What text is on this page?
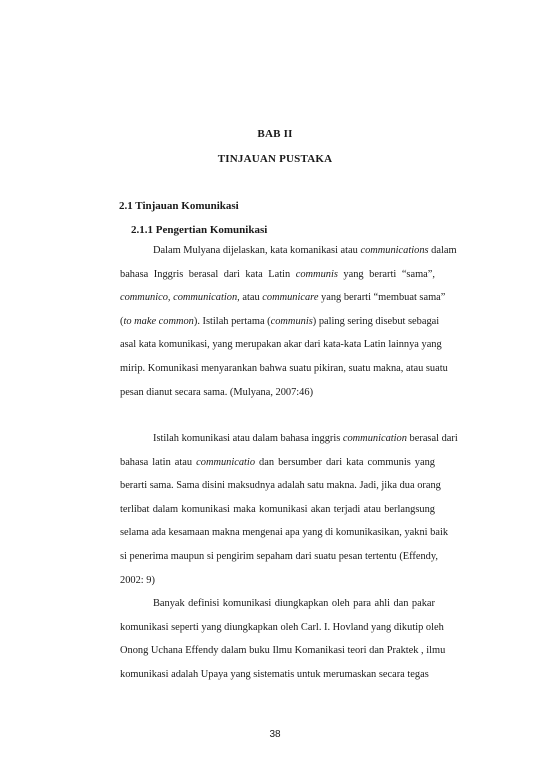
BAB II
TINJAUAN PUSTAKA
2.1 Tinjauan Komunikasi
2.1.1 Pengertian Komunikasi
Dalam Mulyana dijelaskan, kata komanikasi atau communications dalam
bahasa Inggris berasal dari kata Latin communis yang berarti “sama”,
communico, communication, atau communicare yang berarti “membuat sama”
(to make common). Istilah pertama (communis) paling sering disebut sebagai
asal kata komunikasi, yang merupakan akar dari kata-kata Latin lainnya yang
mirip. Komunikasi menyarankan bahwa suatu pikiran, suatu makna, atau suatu
pesan dianut secara sama. (Mulyana, 2007:46)
Istilah komunikasi atau dalam bahasa inggris communication berasal dari
bahasa latin atau communicatio dan bersumber dari kata communis yang
berarti sama. Sama disini maksudnya adalah satu makna. Jadi, jika dua orang
terlibat dalam komunikasi maka komunikasi akan terjadi atau berlangsung
selama ada kesamaan makna mengenai apa yang di komunikasikan, yakni baik
si penerima maupun si pengirim sepaham dari suatu pesan tertentu (Effendy,
2002: 9)
Banyak definisi komunikasi diungkapkan oleh para ahli dan pakar
komunikasi seperti yang diungkapkan oleh Carl. I. Hovland yang dikutip oleh
Onong Uchana Effendy dalam buku Ilmu Komanikasi teori dan Praktek , ilmu
komunikasi adalah Upaya yang sistematis untuk merumaskan secara tegas
38
